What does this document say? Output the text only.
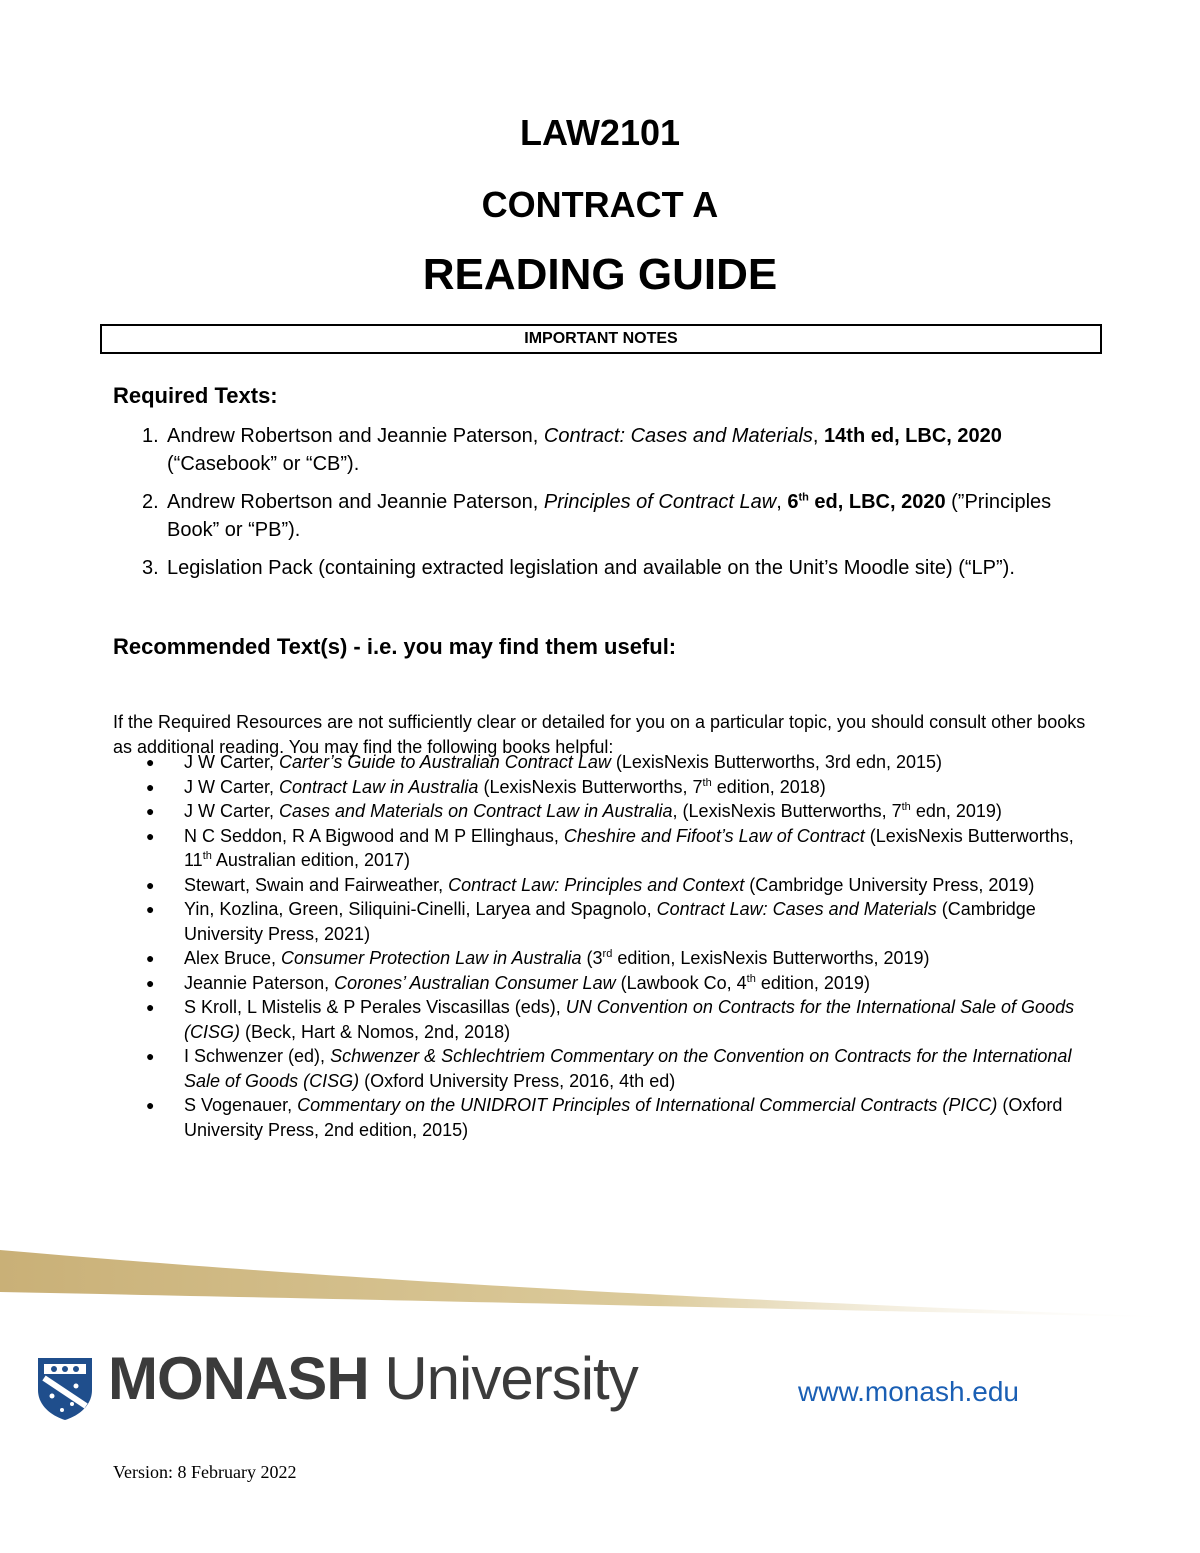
LAW2101
CONTRACT A
READING GUIDE
IMPORTANT NOTES
Required Texts:
1. Andrew Robertson and Jeannie Paterson, Contract: Cases and Materials, 14th ed, LBC, 2020 (“Casebook” or “CB”).
2. Andrew Robertson and Jeannie Paterson, Principles of Contract Law, 6th ed, LBC, 2020 (”Principles Book” or “PB”).
3. Legislation Pack (containing extracted legislation and available on the Unit’s Moodle site) (“LP”).
Recommended Text(s) - i.e. you may find them useful:

If the Required Resources are not sufficiently clear or detailed for you on a particular topic, you should consult other books as additional reading. You may find the following books helpful:

● J W Carter, Carter’s Guide to Australian Contract Law (LexisNexis Butterworths, 3rd edn, 2015)
● J W Carter, Contract Law in Australia (LexisNexis Butterworths, 7th edition, 2018)
● J W Carter, Cases and Materials on Contract Law in Australia, (LexisNexis Butterworths, 7th edn, 2019)
● N C Seddon, R A Bigwood and M P Ellinghaus, Cheshire and Fifoot’s Law of Contract (LexisNexis Butterworths, 11th Australian edition, 2017)
● Stewart, Swain and Fairweather, Contract Law: Principles and Context (Cambridge University Press, 2019)
● Yin, Kozlina, Green, Siliquini-Cinelli, Laryea and Spagnolo, Contract Law: Cases and Materials (Cambridge University Press, 2021)
● Alex Bruce, Consumer Protection Law in Australia (3rd edition, LexisNexis Butterworths, 2019)
● Jeannie Paterson, Corones’ Australian Consumer Law (Lawbook Co, 4th edition, 2019)
● S Kroll, L Mistelis & P Perales Viscasillas (eds), UN Convention on Contracts for the International Sale of Goods (CISG) (Beck, Hart & Nomos, 2nd, 2018)
● I Schwenzer (ed), Schwenzer & Schlechtriem Commentary on the Convention on Contracts for the International Sale of Goods (CISG) (Oxford University Press, 2016, 4th ed)
● S Vogenauer, Commentary on the UNIDROIT Principles of International Commercial Contracts (PICC) (Oxford University Press, 2nd edition, 2015)
MONASH University	www.monash.edu
Version: 8 February 2022
